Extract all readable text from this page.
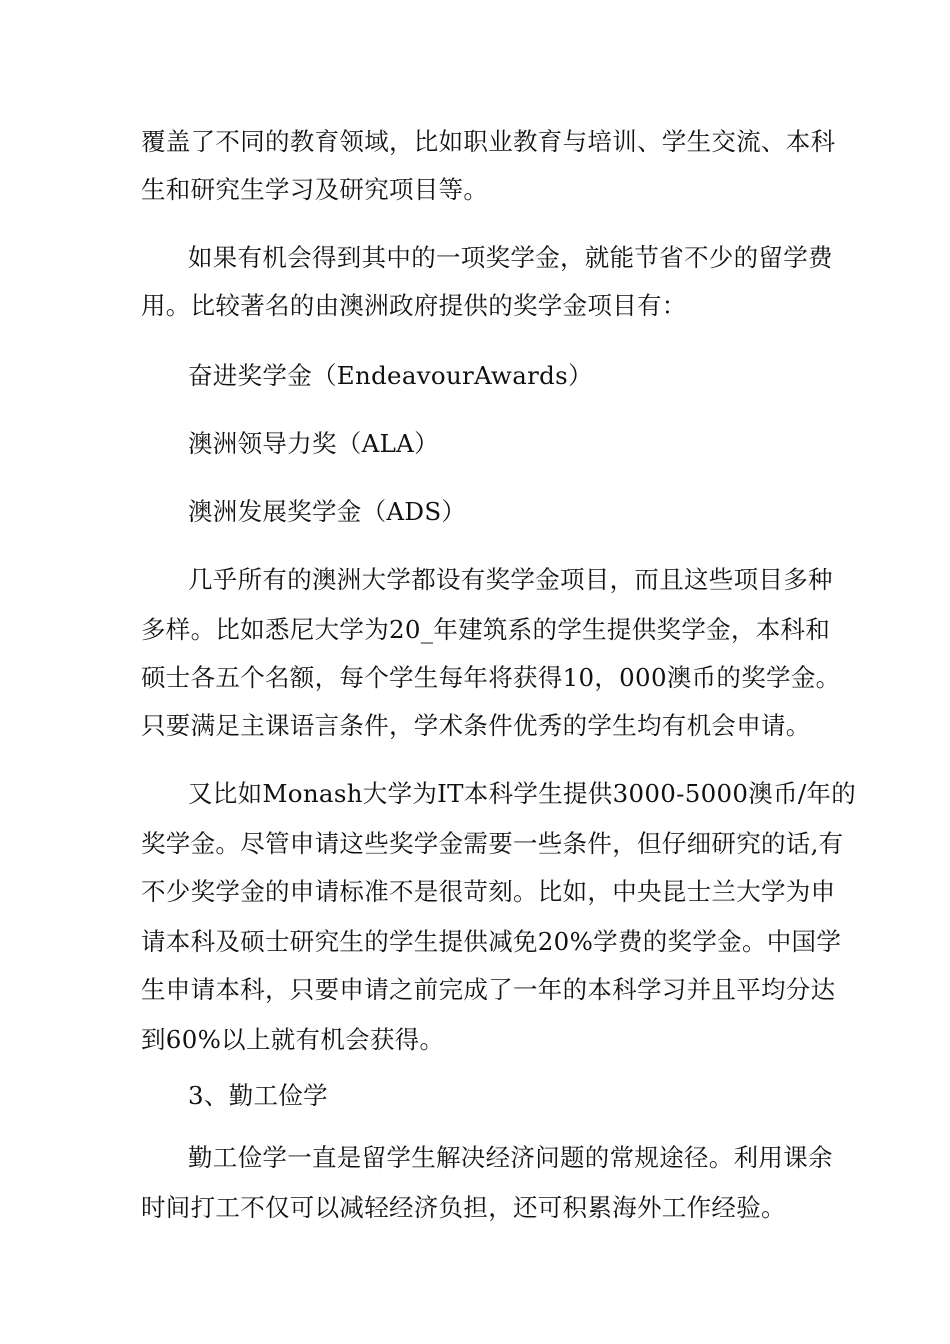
覆盖了不同的教育领域，比如职业教育与培训、学生交流、本科
生和研究生学习及研究项目等。
如果有机会得到其中的一项奖学金，就能节省不少的留学费
用。比较著名的由澳洲政府提供的奖学金项目有：
奋进奖学金（EndeavourAwards）
澳洲领导力奖（ALA）
澳洲发展奖学金（ADS）
几乎所有的澳洲大学都设有奖学金项目，而且这些项目多种
多样。比如悉尼大学为20_年建筑系的学生提供奖学金，本科和
硕士各五个名额，每个学生每年将获得10，000澳币的奖学金。
只要满足主课语言条件，学术条件优秀的学生均有机会申请。
又比如Monash大学为IT本科学生提供3000-5000澳币/年的
奖学金。尽管申请这些奖学金需要一些条件，但仔细研究的话,有
不少奖学金的申请标准不是很苛刻。比如，中央昆士兰大学为申
请本科及硕士研究生的学生提供减免20%学费的奖学金。中国学
生申请本科，只要申请之前完成了一年的本科学习并且平均分达
到60%以上就有机会获得。
3、勤工俭学
勤工俭学一直是留学生解决经济问题的常规途径。利用课余
时间打工不仅可以减轻经济负担，还可积累海外工作经验。
